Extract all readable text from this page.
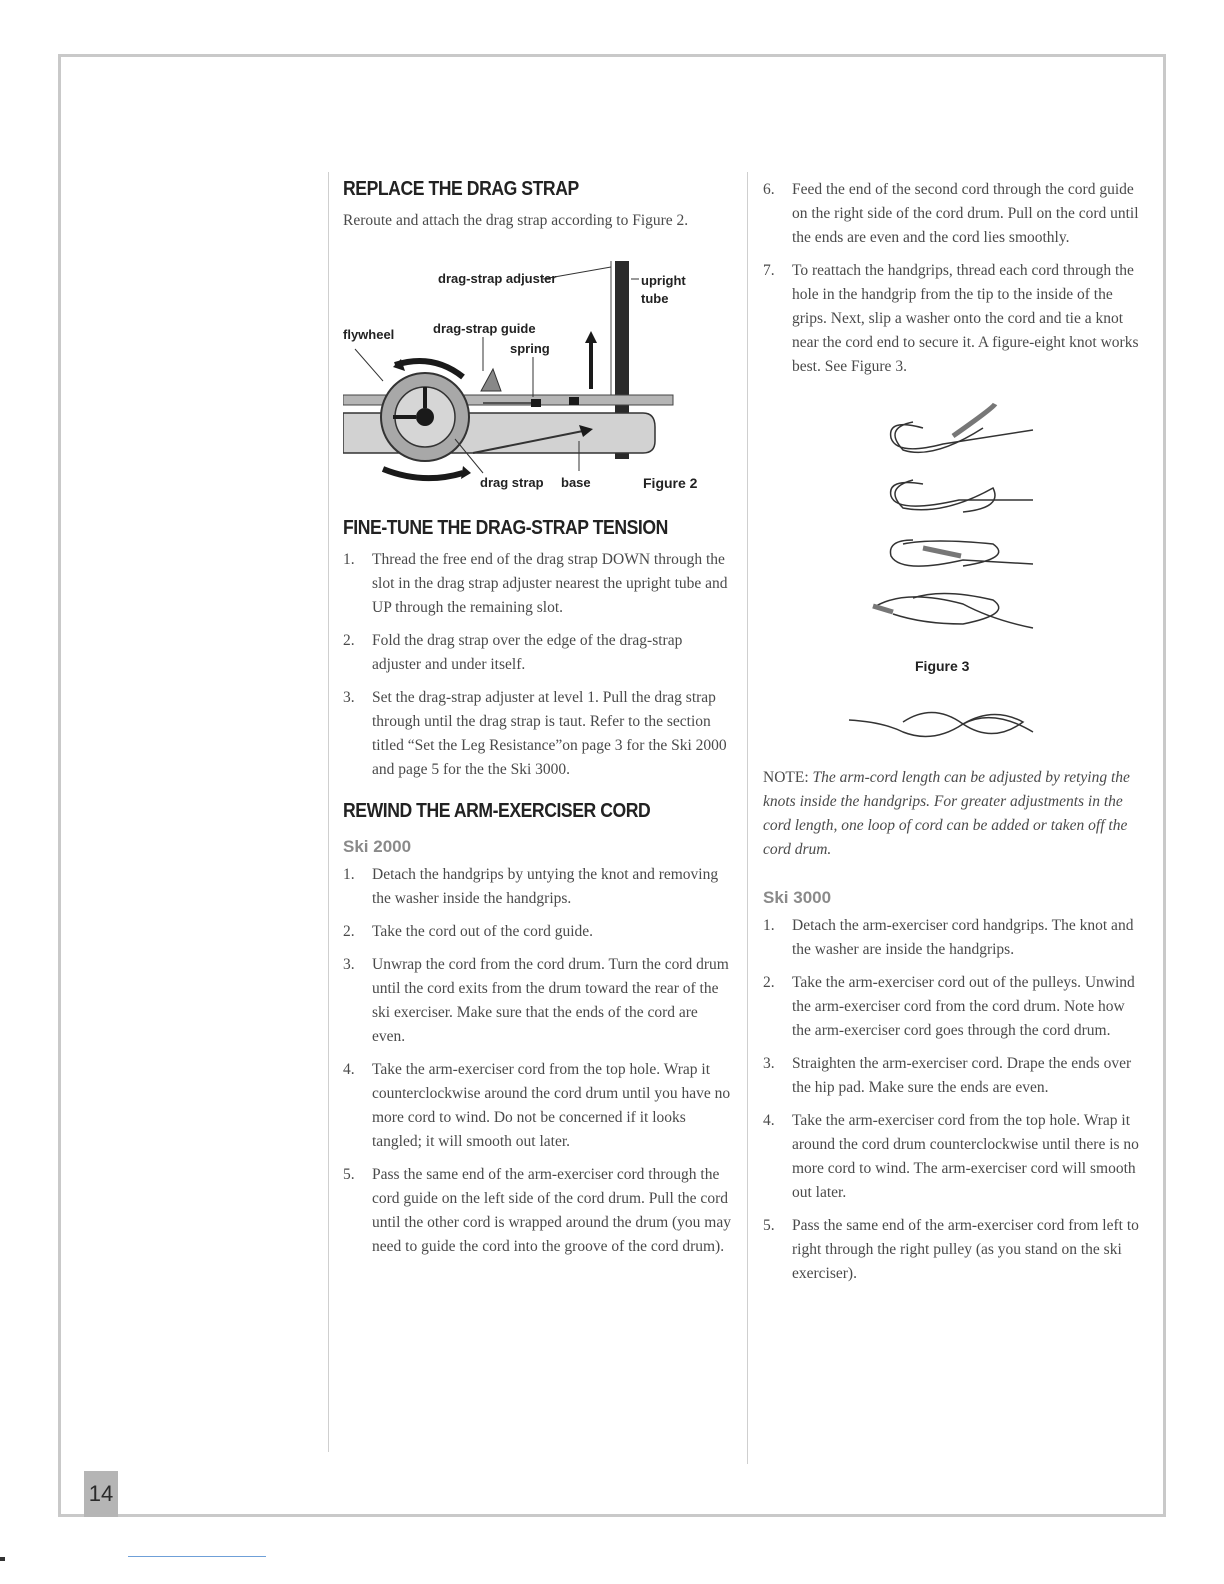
14
REPLACE THE DRAG STRAP

Reroute and attach the drag strap according to Figure 2.

drag-strap adjuster	upright
tube
flywheel	drag-strap guide
spring
drag strap base	Figure 2
FINE-TUNE THE DRAG-STRAP TENSION
1. Thread the free end of the drag strap DOWN through the slot in the drag strap adjuster nearest the upright tube and UP through the remaining slot.
2. Fold the drag strap over the edge of the drag-strap adjuster and under itself.
3. Set the drag-strap adjuster at level 1. Pull the drag strap through until the drag strap is taut. Refer to the section titled “Set the Leg Resistance”on page 3 for the Ski 2000 and page 5 for the the Ski 3000.
REWIND THE ARM-EXERCISER CORD
Ski 2000
1. Detach the handgrips by untying the knot and removing the washer inside the handgrips.
2. Take the cord out of the cord guide.
3. Unwrap the cord from the cord drum. Turn the cord drum until the cord exits from the drum toward the rear of the ski exerciser. Make sure that the ends of the cord are even.
4. Take the arm-exerciser cord from the top hole. Wrap it counterclockwise around the cord drum until you have no more cord to wind. Do not be concerned if it looks tangled; it will smooth out later.
5. Pass the same end of the arm-exerciser cord through the cord guide on the left side of the cord drum. Pull the cord until the other cord is wrapped around the drum (you may need to guide the cord into the groove of the cord drum).
6. Feed the end of the second cord through the cord guide on the right side of the cord drum. Pull on the cord until the ends are even and the cord lies smoothly.
7. To reattach the handgrips, thread each cord through the hole in the handgrip from the tip to the inside of the grips. Next, slip a washer onto the cord and tie a knot near the cord end to secure it. A figure-eight knot works best. See Figure 3.
Figure 3
NOTE: The arm-cord length can be adjusted by retying the knots inside the handgrips. For greater adjustments in the cord length, one loop of cord can be added or taken off the cord drum.
Ski 3000
1. Detach the arm-exerciser cord handgrips. The knot and the washer are inside the handgrips.
2. Take the arm-exerciser cord out of the pulleys. Unwind the arm-exerciser cord from the cord drum. Note how the arm-exerciser cord goes through the cord drum.
3. Straighten the arm-exerciser cord. Drape the ends over the hip pad. Make sure the ends are even.
4. Take the arm-exerciser cord from the top hole. Wrap it around the cord drum counterclockwise until there is no more cord to wind. The arm-exerciser cord will smooth out later.
5. Pass the same end of the arm-exerciser cord from left to right through the right pulley (as you stand on the ski exerciser).
